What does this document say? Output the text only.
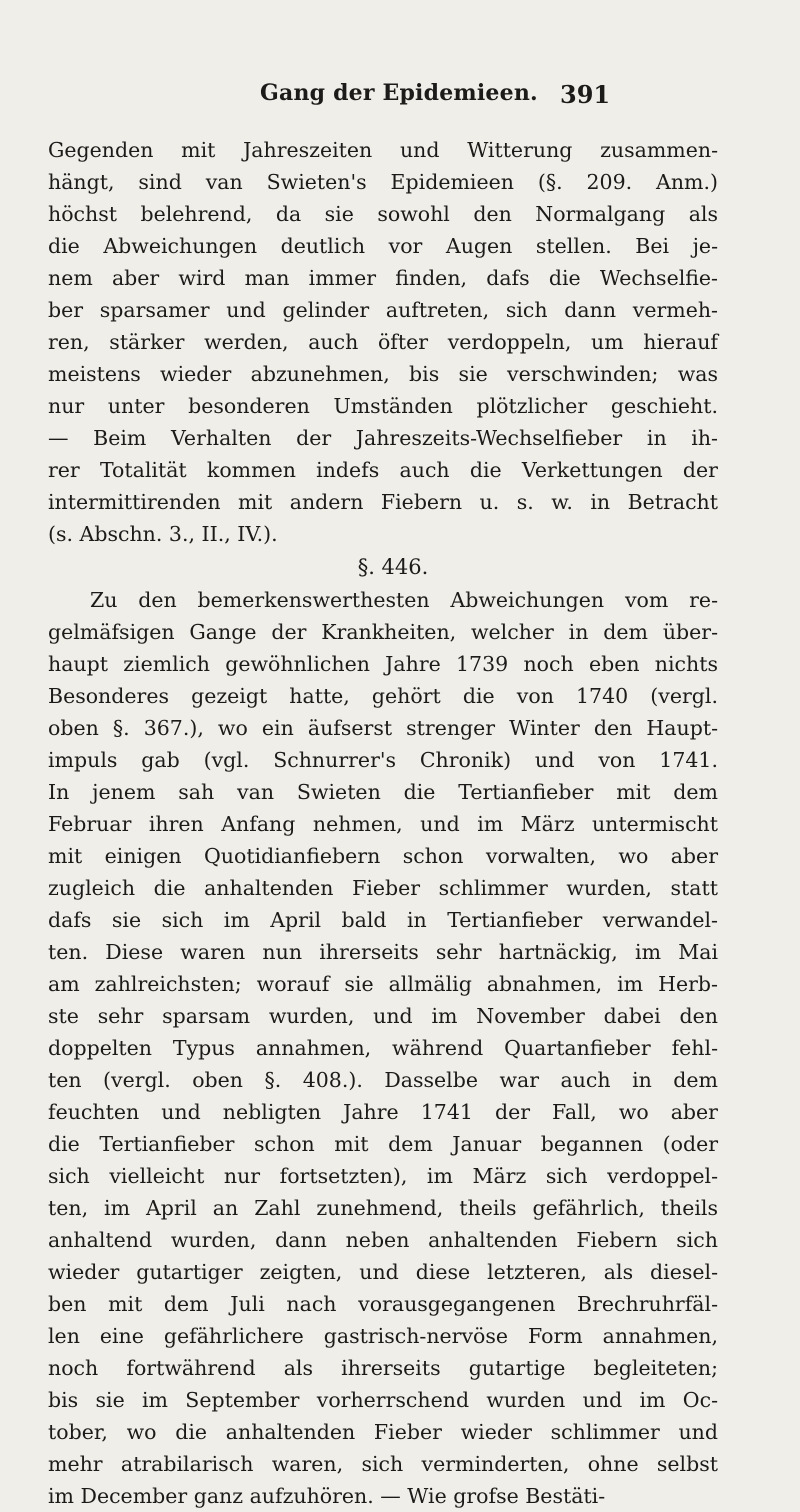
Gang der Epidemieen. 391
Gegenden mit Jahreszeiten und Witterung zusammen-
hängt, sind van Swieten's Epidemieen (§. 209. Anm.)
höchst belehrend, da sie sowohl den Normalgang als
die Abweichungen deutlich vor Augen stellen. Bei je-
nem aber wird man immer finden, dafs die Wechselfie-
ber sparsamer und gelinder auftreten, sich dann vermeh-
ren, stärker werden, auch öfter verdoppeln, um hierauf
meistens wieder abzunehmen, bis sie verschwinden; was
nur unter besonderen Umständen plötzlicher geschieht.
— Beim Verhalten der Jahreszeits-Wechselfieber in ih-
rer Totalität kommen indefs auch die Verkettungen der
intermittirenden mit andern Fiebern u. s. w. in Betracht
(s. Abschn. 3., II., IV.).
§. 446.
Zu den bemerkenswerthesten Abweichungen vom re-
gelmäfsigen Gange der Krankheiten, welcher in dem über-
haupt ziemlich gewöhnlichen Jahre 1739 noch eben nichts
Besonderes gezeigt hatte, gehört die von 1740 (vergl.
oben §. 367.), wo ein äufserst strenger Winter den Haupt-
impuls gab (vgl. Schnurrer's Chronik) und von 1741.
In jenem sah van Swieten die Tertianfieber mit dem
Februar ihren Anfang nehmen, und im März untermischt
mit einigen Quotidianfiebern schon vorwalten, wo aber
zugleich die anhaltenden Fieber schlimmer wurden, statt
dafs sie sich im April bald in Tertianfieber verwandel-
ten. Diese waren nun ihrerseits sehr hartnäckig, im Mai
am zahlreichsten; worauf sie allmälig abnahmen, im Herb-
ste sehr sparsam wurden, und im November dabei den
doppelten Typus annahmen, während Quartanfieber fehl-
ten (vergl. oben §. 408.). Dasselbe war auch in dem
feuchten und nebligten Jahre 1741 der Fall, wo aber
die Tertianfieber schon mit dem Januar begannen (oder
sich vielleicht nur fortsetzten), im März sich verdoppel-
ten, im April an Zahl zunehmend, theils gefährlich, theils
anhaltend wurden, dann neben anhaltenden Fiebern sich
wieder gutartiger zeigten, und diese letzteren, als diesel-
ben mit dem Juli nach vorausgegangenen Brechruhrfäl-
len eine gefährlichere gastrisch-nervöse Form annahmen,
noch fortwährend als ihrerseits gutartige begleiteten;
bis sie im September vorherrschend wurden und im Oc-
tober, wo die anhaltenden Fieber wieder schlimmer und
mehr atrabilarisch waren, sich verminderten, ohne selbst
im December ganz aufzuhören. — Wie grofse Bestäti-
